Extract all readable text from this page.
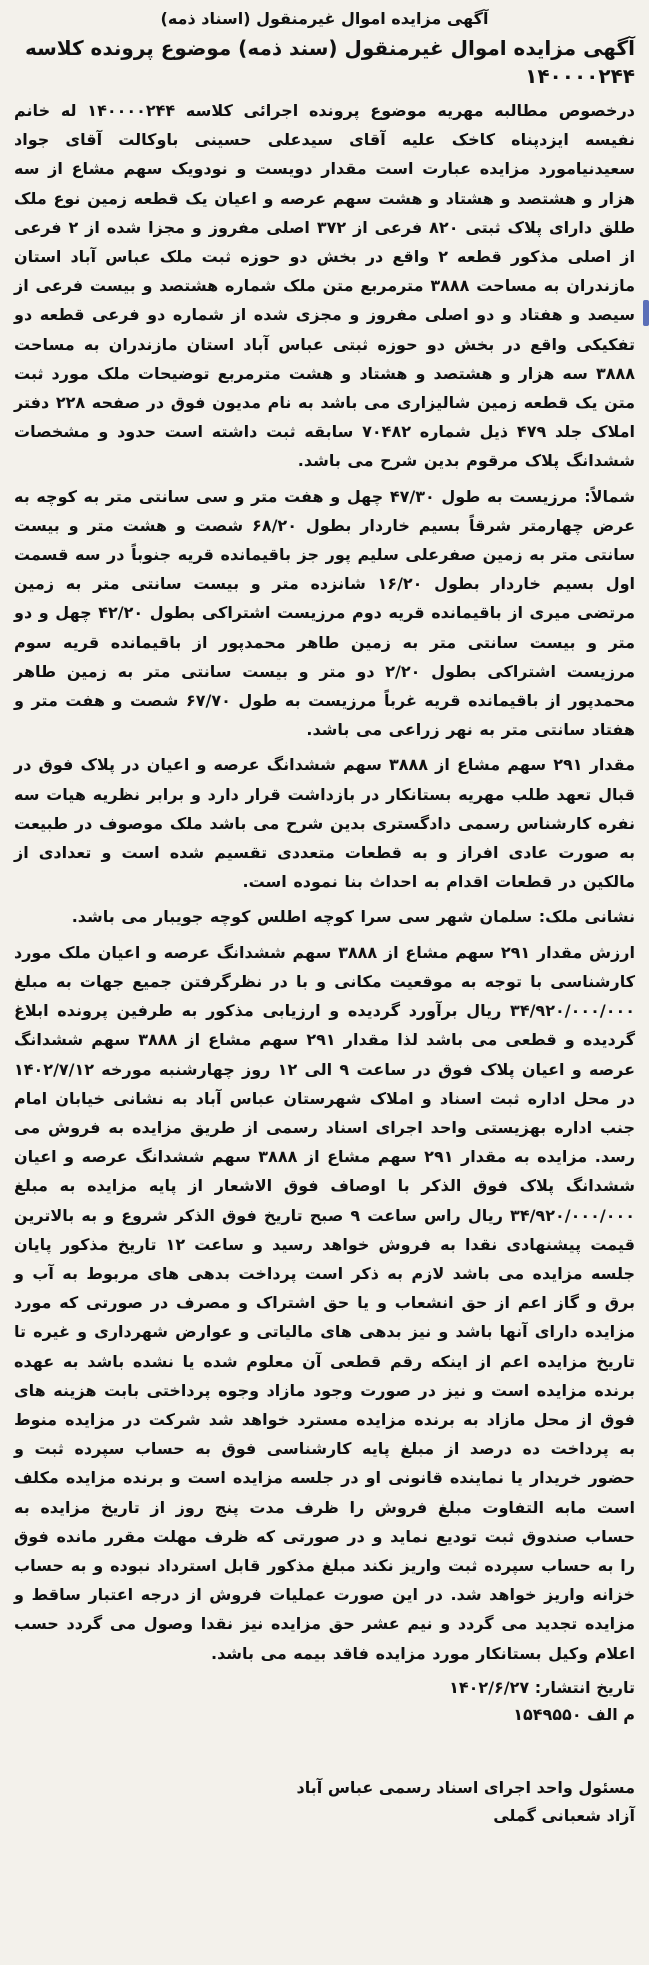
آگهی مزایده اموال غیرمنقول (اسناد ذمه)

آگهی مزایده اموال غیرمنقول (سند ذمه) موضوع پرونده کلاسه

۱۴۰۰۰۰۲۴۴

درخصوص مطالبه مهریه موضوع پرونده اجرائی کلاسه ۱۴۰۰۰۰۲۴۴ له خانم نفیسه ایزدپناه کاخک علیه آقای سیدعلی حسینی باوکالت آقای جواد سعیدنیامورد مزایده عبارت است مقدار دویست و نودویک سهم مشاع از سه هزار و هشتصد و هشتاد و هشت سهم عرصه و اعیان یک قطعه زمین نوع ملک طلق دارای پلاک ثبتی ۸۲۰ فرعی از ۳۷۲ اصلی مفروز و مجزا شده از ۲ فرعی از اصلی مذکور قطعه ۲ واقع در بخش دو حوزه ثبت ملک عباس آباد استان مازندران به مساحت ۳۸۸۸ مترمربع متن ملک شماره هشتصد و بیست فرعی از سیصد و هفتاد و دو اصلی مفروز و مجزی شده از شماره دو فرعی قطعه دو تفکیکی واقع در بخش دو حوزه ثبتی عباس آباد استان مازندران به مساحت ۳۸۸۸ سه هزار و هشتصد و هشتاد و هشت مترمربع توضیحات ملک مورد ثبت متن یک قطعه زمین شالیزاری می باشد به نام مدیون فوق در صفحه ۲۲۸ دفتر املاک جلد ۴۷۹ ذیل شماره ۷۰۴۸۲ سابقه ثبت داشته است حدود و مشخصات ششدانگ پلاک مرقوم بدین شرح می باشد.

شمالاً: مرزیست به طول ۴۷/۳۰ چهل و هفت متر و سی سانتی متر به کوچه به عرض چهارمتر شرقاً بسیم خاردار بطول ۶۸/۲۰ شصت و هشت متر و بیست سانتی متر به زمین صفرعلی سلیم پور جز باقیمانده قریه جنوباً در سه قسمت اول بسیم خاردار بطول ۱۶/۲۰ شانزده متر و بیست سانتی متر به زمین مرتضی میری از باقیمانده قریه دوم مرزیست اشتراکی بطول ۴۲/۲۰ چهل و دو متر و بیست سانتی متر به زمین طاهر محمدپور از باقیمانده قریه سوم مرزیست اشتراکی بطول ۲/۲۰ دو متر و بیست سانتی متر به زمین طاهر محمدپور از باقیمانده قریه غرباً مرزیست به طول ۶۷/۷۰ شصت و هفت متر و هفتاد سانتی متر به نهر زراعی می باشد.

مقدار ۲۹۱ سهم مشاع از ۳۸۸۸ سهم ششدانگ عرصه و اعیان در پلاک فوق در قبال تعهد طلب مهریه بستانکار در بازداشت قرار دارد و برابر نظریه هیات سه نفره کارشناس رسمی دادگستری بدین شرح می باشد ملک موصوف در طبیعت به صورت عادی افراز و به قطعات متعددی تقسیم شده است و تعدادی از مالکین در قطعات اقدام به احداث بنا نموده است.

نشانی ملک: سلمان شهر سی سرا کوچه اطلس کوچه جویبار می باشد.

ارزش مقدار ۲۹۱ سهم مشاع از ۳۸۸۸ سهم ششدانگ عرصه و اعیان ملک مورد کارشناسی با توجه به موقعیت مکانی و با در نظرگرفتن جمیع جهات به مبلغ ۳۴/۹۲۰/۰۰۰/۰۰۰ ریال برآورد گردیده و ارزیابی مذکور به طرفین پرونده ابلاغ گردیده و قطعی می باشد لذا مقدار ۲۹۱ سهم مشاع از ۳۸۸۸ سهم ششدانگ عرصه و اعیان پلاک فوق در ساعت ۹ الی ۱۲ روز چهارشنبه مورخه ۱۴۰۲/۷/۱۲ در محل اداره ثبت اسناد و املاک شهرستان عباس آباد به نشانی خیابان امام جنب اداره بهزیستی واحد اجرای اسناد رسمی از طریق مزایده به فروش می رسد. مزایده به مقدار ۲۹۱ سهم مشاع از ۳۸۸۸ سهم ششدانگ عرصه و اعیان ششدانگ پلاک فوق الذکر با اوصاف فوق الاشعار از پایه مزایده به مبلغ ۳۴/۹۲۰/۰۰۰/۰۰۰ ریال راس ساعت ۹ صبح تاریخ فوق الذکر شروع و به بالاترین قیمت پیشنهادی نقدا به فروش خواهد رسید و ساعت ۱۲ تاریخ مذکور پایان جلسه مزایده می باشد لازم به ذکر است پرداخت بدهی های مربوط به آب و برق و گاز اعم از حق انشعاب و یا حق اشتراک و مصرف در صورتی که مورد مزایده دارای آنها باشد و نیز بدهی های مالیاتی و عوارض شهرداری و غیره تا تاریخ مزایده اعم از اینکه رقم قطعی آن معلوم شده یا نشده باشد به عهده برنده مزایده است و نیز در صورت وجود مازاد وجوه پرداختی بابت هزینه های فوق از محل مازاد به برنده مزایده مسترد خواهد شد شرکت در مزایده منوط به پرداخت ده درصد از مبلغ پایه کارشناسی فوق به حساب سپرده ثبت و حضور خریدار یا نماینده قانونی او در جلسه مزایده است و برنده مزایده مکلف است مابه التفاوت مبلغ فروش را ظرف مدت پنج روز از تاریخ مزایده به حساب صندوق ثبت تودیع نماید و در صورتی که ظرف مهلت مقرر مانده فوق را به حساب سپرده ثبت واریز نکند مبلغ مذکور قابل استرداد نبوده و به حساب خزانه واریز خواهد شد. در این صورت عملیات فروش از درجه اعتبار ساقط و مزایده تجدید می گردد و نیم عشر حق مزایده نیز نقدا وصول می گردد حسب اعلام وکیل بستانکار مورد مزایده فاقد بیمه می باشد.

تاریخ انتشار: ۱۴۰۲/۶/۲۷

م الف ۱۵۴۹۵۵۰

مسئول واحد اجرای اسناد رسمی عباس آباد

آزاد شعبانی گملی
